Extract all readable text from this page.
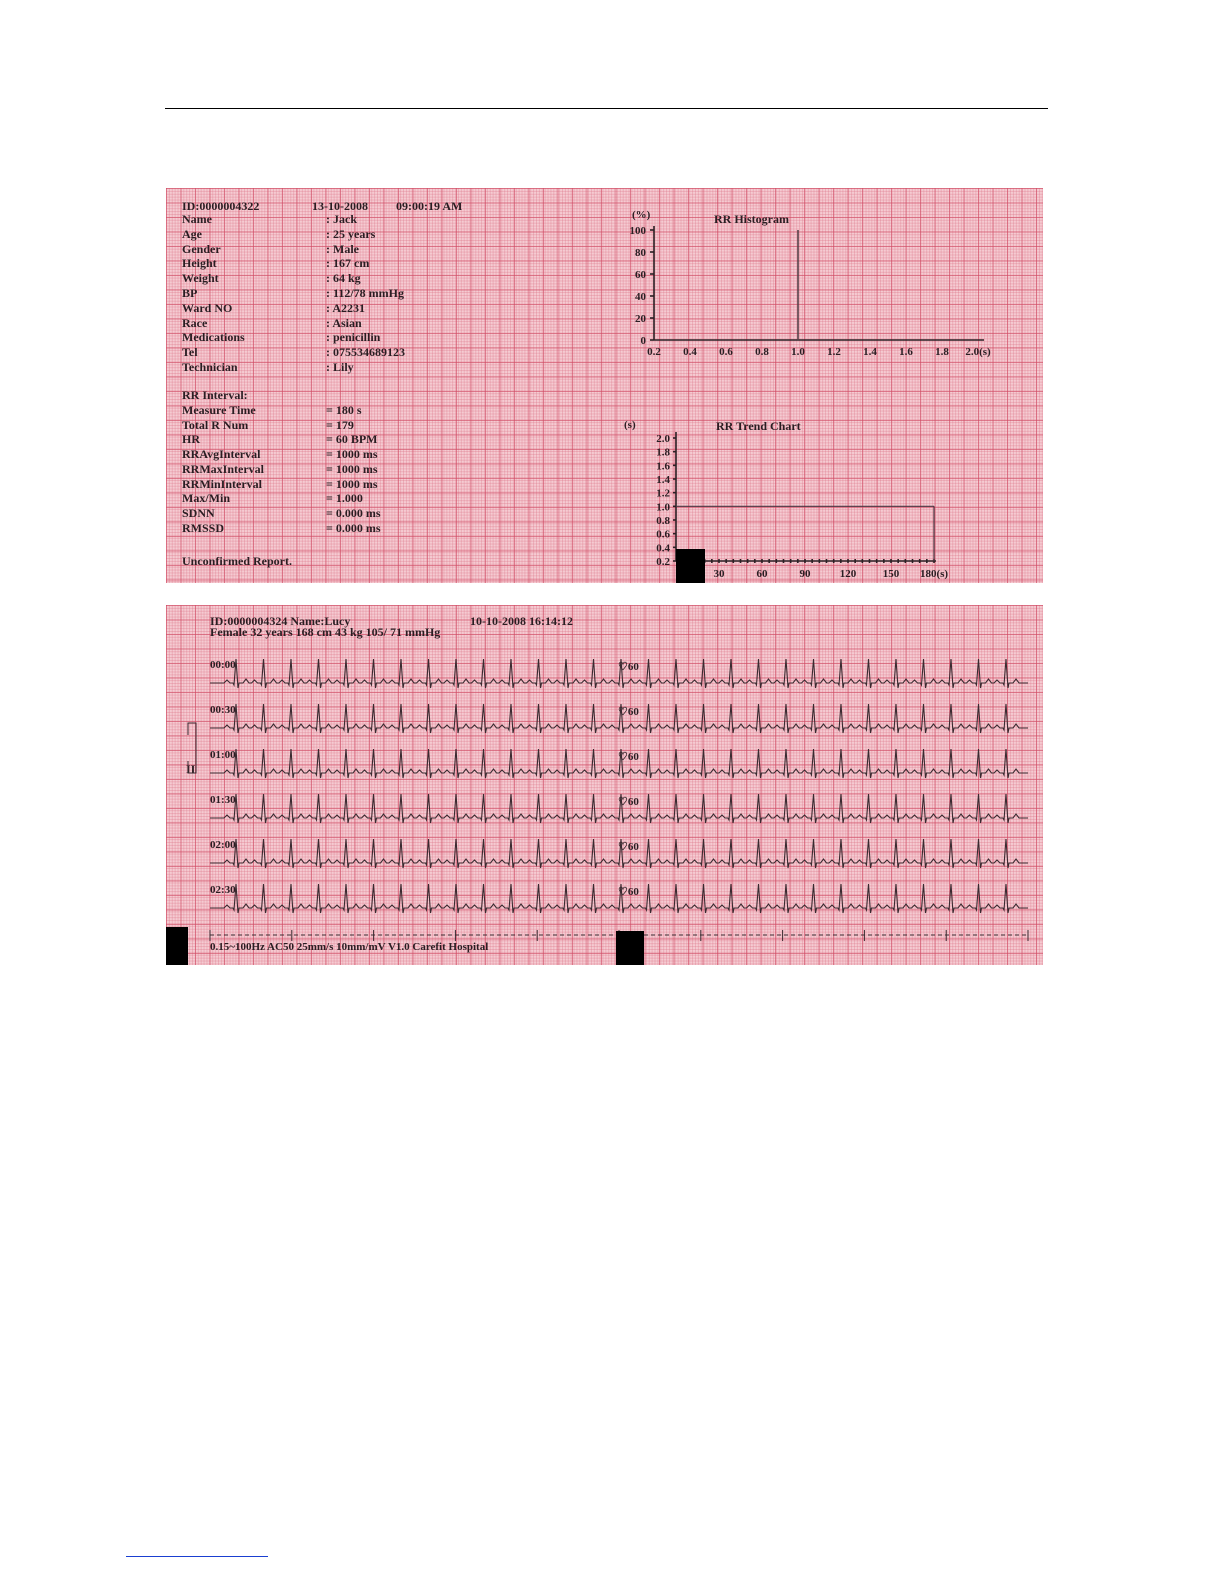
ID:0000004322	13-10-2008 09:00:19 AM
Name	: Jack
Age	: 25 years
Gender	: Male
Height	: 167 cm
Weight	: 64 kg
BP	: 112/78 mmHg
Ward NO	: A2231
Race	: Asian
Medications	: penicillin
Tel	: 075534689123
Technician	: Lily
RR Interval:
Measure Time	= 180 s
Total R Num	= 179
HR	= 60 BPM
RRAvgInterval	= 1000 ms
RRMaxInterval	= 1000 ms
RRMinInterval	= 1000 ms
Max/Min	= 1.000
SDNN	= 0.000 ms
RMSSD	= 0.000 ms
Unconfirmed Report.
RR Histogram
(%)
0
20
40
60
80
100
0.2 0.4 0.6 0.8 1.0 1.2 1.4 1.6 1.8 2.0(s)
RR Trend Chart
(s)
0.2
0.4
0.6
0.8
1.0
1.2
1.4
1.6
1.8
2.0
30	60	90	120 150 180(s)
ID:0000004324 Name:Lucy	10-10-2008 16:14:12
Female 32 years 168 cm 43 kg 105/ 71 mmHg
II
00:00	♡60
00:30	♡60
01:00	♡60
01:30	♡60
02:00	♡60
02:30	♡60
0.15~100Hz AC50 25mm/s 10mm/mV V1.0 Carefit Hospital
